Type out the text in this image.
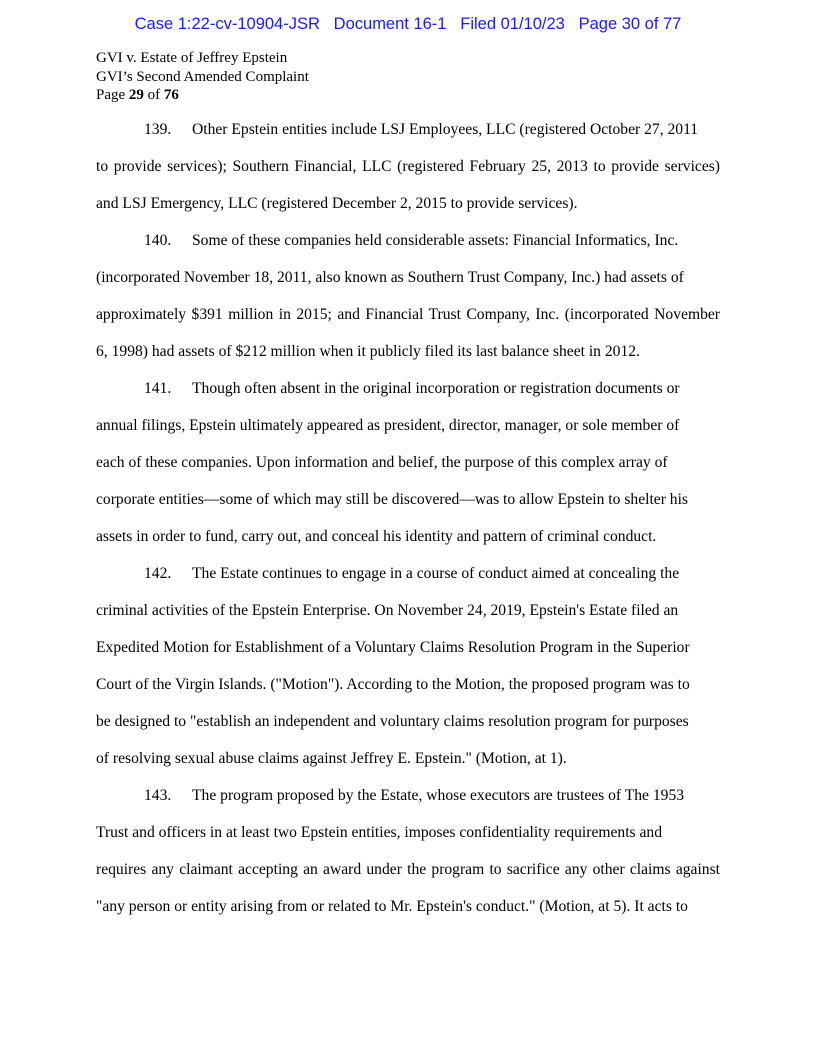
Case 1:22-cv-10904-JSR Document 16-1 Filed 01/10/23 Page 30 of 77
GVI v. Estate of Jeffrey Epstein
GVI’s Second Amended Complaint
Page 29 of 76
139. Other Epstein entities include LSJ Employees, LLC (registered October 27, 2011
to provide services); Southern Financial, LLC (registered February 25, 2013 to provide services)
and LSJ Emergency, LLC (registered December 2, 2015 to provide services).
140. Some of these companies held considerable assets: Financial Informatics, Inc.
(incorporated November 18, 2011, also known as Southern Trust Company, Inc.) had assets of
approximately $391 million in 2015; and Financial Trust Company, Inc. (incorporated November
6, 1998) had assets of $212 million when it publicly filed its last balance sheet in 2012.
141. Though often absent in the original incorporation or registration documents or
annual filings, Epstein ultimately appeared as president, director, manager, or sole member of
each of these companies. Upon information and belief, the purpose of this complex array of
corporate entities—some of which may still be discovered—was to allow Epstein to shelter his
assets in order to fund, carry out, and conceal his identity and pattern of criminal conduct.
142. The Estate continues to engage in a course of conduct aimed at concealing the
criminal activities of the Epstein Enterprise. On November 24, 2019, Epstein's Estate filed an
Expedited Motion for Establishment of a Voluntary Claims Resolution Program in the Superior
Court of the Virgin Islands. ("Motion"). According to the Motion, the proposed program was to
be designed to "establish an independent and voluntary claims resolution program for purposes
of resolving sexual abuse claims against Jeffrey E. Epstein." (Motion, at 1).
143. The program proposed by the Estate, whose executors are trustees of The 1953
Trust and officers in at least two Epstein entities, imposes confidentiality requirements and
requires any claimant accepting an award under the program to sacrifice any other claims against
"any person or entity arising from or related to Mr. Epstein's conduct." (Motion, at 5). It acts to
